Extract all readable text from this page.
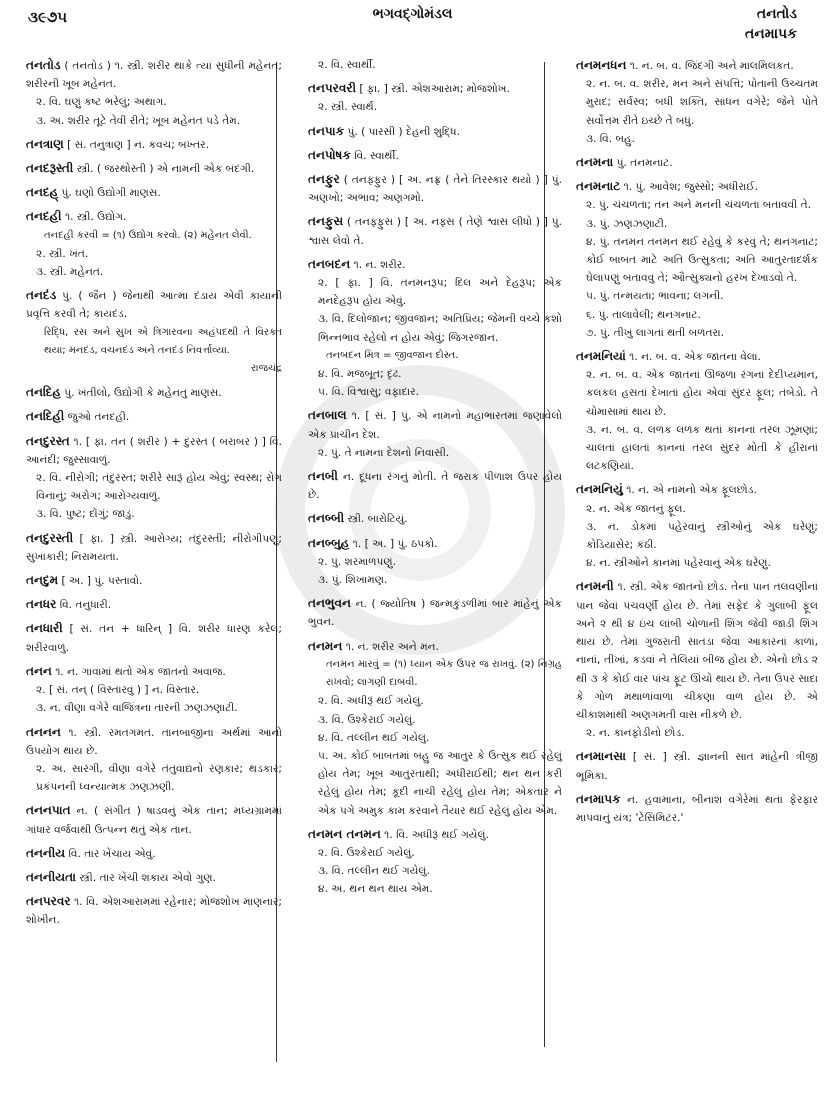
૩૯૭૫	ભગવદ્ગોમંડલ	તનતોડ
તનમાપક
તનતોડ ( તનતોડ ) ૧. સ્ત્રી. શરીર થાકે ત્યાં સુધીની મહેનત; શરીરની ખૂબ મહેનત.
૨. વિ. ઘણું કષ્ટ ભરેલું; અથાગ.
૩. અ. શરીર તૂટે તેવી રીતે; ખૂબ મહેનત પડે તેમ.
તનત્રાણ [ સં. તનુત્રાણ ] ન. કવચ; બખ્તર.
તનદરૂસ્તી સ્ત્રી. ( જરથોસ્તી ) એ નામની એક બંદગી.
તનદહ્ પું. ઘણો ઉદ્યોગી માણસ.
તનદહી ૧. સ્ત્રી. ઉદ્યોગ.
તનદહી કરવી = (૧) ઉદ્યોગ કરવો. (૨) મહેનત લેવી.
૨. સ્ત્રી. ખંત.
૩. સ્ત્રી. મહેનત.
તનદંડ પું. ( જૈન ) જેનાથી આત્મા દંડાય એવી કાયાની પ્રવૃત્તિ કરવી તે; કાયદંડ.
રિદ્ધિ, રસ અને સુખ એ ત્રિગારવના અહંપદથી તે વિરક્ત થયા; મનદંડ, વચનદંડ અને તનદંડ નિવર્ત્તાવ્યા.
રાજચંદ્ર
તનદિહ પું. ખંતીલો, ઉદ્યોગી કે મહેનતુ માણસ.
તનદિહી જુઓ તનદહી.
તનદુરસ્ત ૧. [ ફા. તન ( શરીર ) + દુરસ્ત ( બરાબર ) ] વિ. આનંદી; જુસ્સાવાળું.
૨. વિ. નીરોગી; તંદુરસ્ત; શરીરે સારૂં હોય એવું; સ્વસ્થ; રોગ વિનાનું; અરોગ; આરોગ્યવાળું.
૩. વિ. પુષ્ટ; દોંગું; જાડું.
તનદુરસ્તી [ ફા. ] સ્ત્રી. આરોગ્ય; તંદુરસ્તી; નીરોગીપણું; સુખાકારી; નિરામયતા.
તનદુમ [ અ. ] પું. પસ્તાવો.
તનધર વિ. તનુધારી.
તનધારી [ સં. તન + ધારિન્ ] વિ. શરીર ધારણ કરેલ; શરીરવાળું.
તનન ૧. ન. ગાવામાં થતો એક જાતનો અવાજ.
૨. [ સં. તન્ ( વિસ્તારવું ) ] ન. વિસ્તાર.
૩. ન. વીણા વગેરે વાજિંત્રના તારની ઝણઝણાટી.
તનનન ૧. સ્ત્રી. રમતગમત. તાનબાજીના અર્થમાં આનો ઉપયોગ થાય છે.
૨. અ. સારંગી, વીણા વગેરે તંતુવાદ્યનો રણકાર; થડકાર; પ્રકંપનની ધ્વન્યાત્મક ઝણઝણી.
તનનપાત ન. ( સંગીત ) ષાડવનું એક તાન; મધ્યગ્રામમાં ગાંધાર વર્જવાથી ઉત્પન્ન થતું એક તાન.
તનનીય વિ. તાર ખેંચાય એવું.
તનનીયતા સ્ત્રી. તાર ખેંચી શકાય એવો ગુણ.
તનપરવર ૧. વિ. એશઆરામમાં રહેનાર; મોજશોખ માણનાર; શોખીન.
૨. વિ. સ્વાર્થી.
તનપરવરી [ ફા. ] સ્ત્રી. એશઆરામ; મોજશોખ.
૨. સ્ત્રી. સ્વાર્થ.
તનપાક પું. ( પારસી ) દેહની શુદ્ધિ.
તનપોષક વિ. સ્વાર્થી.
તનફુર ( તનફ્ફુર ) [ અ. નફ્ર ( તેને તિરસ્કાર થયો ) ] પું. અણખો; અભાવ; અણગમો.
તનફુસ ( તનફ્ફુસ ) [ અ. નફ્સ ( તેણે શ્વાસ લીધો ) ] પું. શ્વાસ લેવો તે.
તનબદન ૧. ન. શરીર.
૨. [ ફા. ] વિ. તનમનરૂપ; દિલ અને દેહરૂપ; એક મનદેહરૂપ હોય એવું.
૩. વિ. દિલોજાન; જીવજાન; અતિપ્રિય; જેમની વચ્ચે કશો ભિન્નભાવ રહેલો ન હોય એવું; જિગરજાન.
તનબદન મિત્ર = જીવજાન દોસ્ત.
૪. વિ. મજબૂત; દૃઢ.
૫. વિ. વિશ્વાસુ; વફાદાર.
તનબાલ ૧. [ સં. ] પું. એ નામનો મહાભારતમાં જણાવેલો એક પ્રાચીન દેશ.
૨. પું. તે નામના દેશનો નિવાસી.
તનબી ન. દૂધના રંગનું મોતી. તે જરાક પીળાશ ઉપર હોય છે.
તનબ્બી સ્ત્રી. બારોટિયું.
તનબ્બુહ ૧. [ અ. ] પું. ઠપકો.
૨. પું. શરમાળપણું.
૩. પું. શિખામણ.
તનભુવન ન. ( જ્યોતિષ ) જન્મકુંડળીમાં બાર માંહેનું એક ભુવન.
તનમન ૧. ન. શરીર અને મન.
તનમન મારવું = (૧) ધ્યાન એક ઉપર જ રાખવું. (૨) નિગ્રહ રાખવો; લાગણી દાબવી.
૨. વિ. અધીરૂં થઈ ગયેલું.
૩. વિ. ઉશ્કેરાઈ ગયેલું.
૪. વિ. તલ્લીન થઈ ગયેલું.
૫. અ. કોઈ બાબતમાં બહુ જ આતુર કે ઉત્સુક થઈ રહેલું હોય તેમ; ખૂબ આતુરતાથી; અધીરાઈથી; થન થન કરી રહેલું હોય તેમ; કૂદી નાચી રહેલું હોય તેમ; એકતાર ને એક પગે અમુક કામ કરવાને તૈયાર થઈ રહેલું હોય એમ.
તનમન તનમન ૧. વિ. અધીરૂં થઈ ગયેલું.
૨. વિ. ઉશ્કેરાઈ ગયેલું.
૩. વિ. તલ્લીન થઈ ગયેલું.
૪. અ. થન થન થાય એમ.
તનમનધન ૧. ન. બ. વ. જિંદગી અને માલમિલકત.
૨. ન. બ. વ. શરીર, મન અને સંપત્તિ; પોતાની ઉચ્ચતમ મુરાદ; સર્વસ્વ; બધી શક્તિ, સાધન વગેરે; જેને પોતે સર્વોત્તમ રીતે ઇચ્છે તે બધું.
૩. વિ. બહુ.
તનમના પું. તનમનાટ.
તનમનાટ ૧. પું. આવેશ; જુસ્સો; અધીરાઈ.
૨. પું. ચંચળતા; તન અને મનની ચંચળતા બતાવવી તે.
૩. પું. ઝણઝણાટી.
૪. પું. તનમન તનમન થઈ રહેવું કે કરવું તે; થનગનાટ; કોઈ બાબત માટે અતિ ઉત્સુકતા; અતિ આતુરતાદર્શક ઘેલાપણું બતાવવું તે; ઔત્સુક્યનો હરખ દેખાડવો તે.
૫. પું. તન્મયતા; ભાવના; લગની.
૬. પું. તાલાવેલી; થનગનાટ.
૭. પું. તીખું લાગતાં થતી બળતરા.
તનમનિયાં ૧. ન. બ. વ. એક જાતના વેલા.
૨. ન. બ. વ. એક જાતનાં ઊજળા રંગનાં દેદીપ્યમાન, કલકલ હસતાં દેખાતાં હોય એવાં સુંદર ફૂલ; તંબેડો. તે ચોમાસામાં થાય છે.
૩. ન. બ. વ. લળક લળક થતાં કાનનાં તરલ ઝૂમણાં; ચાલતાં હાલતાં કાનનાં તરલ સુંદર મોતી કે હીરાનાં લટકણિયાં.
તનમનિયું ૧. ન. એ નામનો એક ફૂલછોડ.
૨. ન. એક જાતનું ફૂલ.
૩. ન. ડોકમાં પહેરવાનું સ્ત્રીઓનું એક ઘરેણું; કોડિયાસેર; કંઠી.
૪. ન. સ્ત્રીઓને કાનમાં પહેરવાનું એક ઘરેણું.
તનમની ૧. સ્ત્રી. એક જાતનો છોડ. તેનાં પાન તલવણીનાં પાન જેવાં પંચવર્ણી હોય છે. તેમાં સફેદ કે ગુલાબી ફૂલ અને ૨ થી ૪ ઇંચ લાંબી ચોળાની શિંગ જેવી જાડી શિંગ થાય છે. તેમાં ગુજરાતી સાતડા જેવા આકારનાં કાળાં, નાનાં, તીખાં, કડવાં ને તેલિયાં બીજ હોય છે. એનો છોડ ૨ થી ૩ કે કોઈ વાર પાંચ ફૂટ ઊંચો થાય છે. તેના ઉપર સાદા કે ગોળ મથાળાંવાળા ચીકણા વાળ હોય છે. એ ચીકાશમાંથી અણગમતી વાસ નીકળે છે.
૨. ન. કાનફોડીનો છોડ.
તનમાનસા [ સં. ] સ્ત્રી. જ્ઞાનની સાત માંહેની ત્રીજી ભૂમિકા.
તનમાપક ન. હવામાના, બીનાશ વગેરેમાં થતા ફેરફાર માપવાનું યંત્ર; 'ટેંસિમિટર.'
